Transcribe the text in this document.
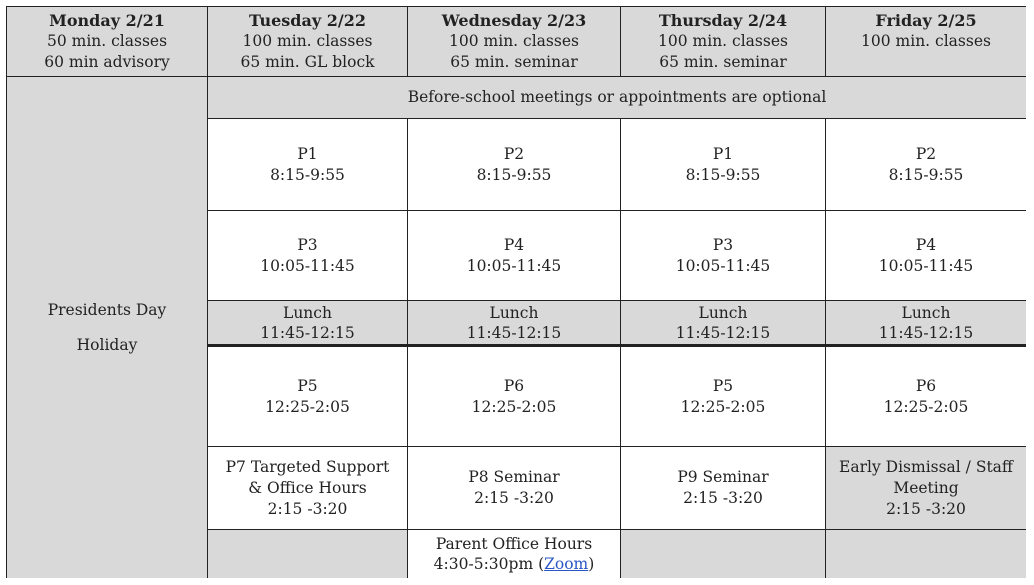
Monday 2/21
50 min. classes
60 min advisory
Tuesday 2/22
100 min. classes
65 min. GL block
Wednesday 2/23
100 min. classes
65 min. seminar
Thursday 2/24
100 min. classes
65 min. seminar
Friday 2/25
100 min. classes
Presidents Day
Holiday
Before-school meetings or appointments are optional
P1
8:15-9:55
P2
8:15-9:55
P1
8:15-9:55
P2
8:15-9:55
P3
10:05-11:45
P4
10:05-11:45
P3
10:05-11:45
P4
10:05-11:45
Lunch
11:45-12:15
Lunch
11:45-12:15
Lunch
11:45-12:15
Lunch
11:45-12:15
P5
12:25-2:05
P6
12:25-2:05
P5
12:25-2:05
P6
12:25-2:05
P7 Targeted Support
& Office Hours
2:15 -3:20
P8 Seminar
2:15 -3:20
P9 Seminar
2:15 -3:20
Early Dismissal / Staff
Meeting
2:15 -3:20
Parent Office Hours
4:30-5:30pm (Zoom)
